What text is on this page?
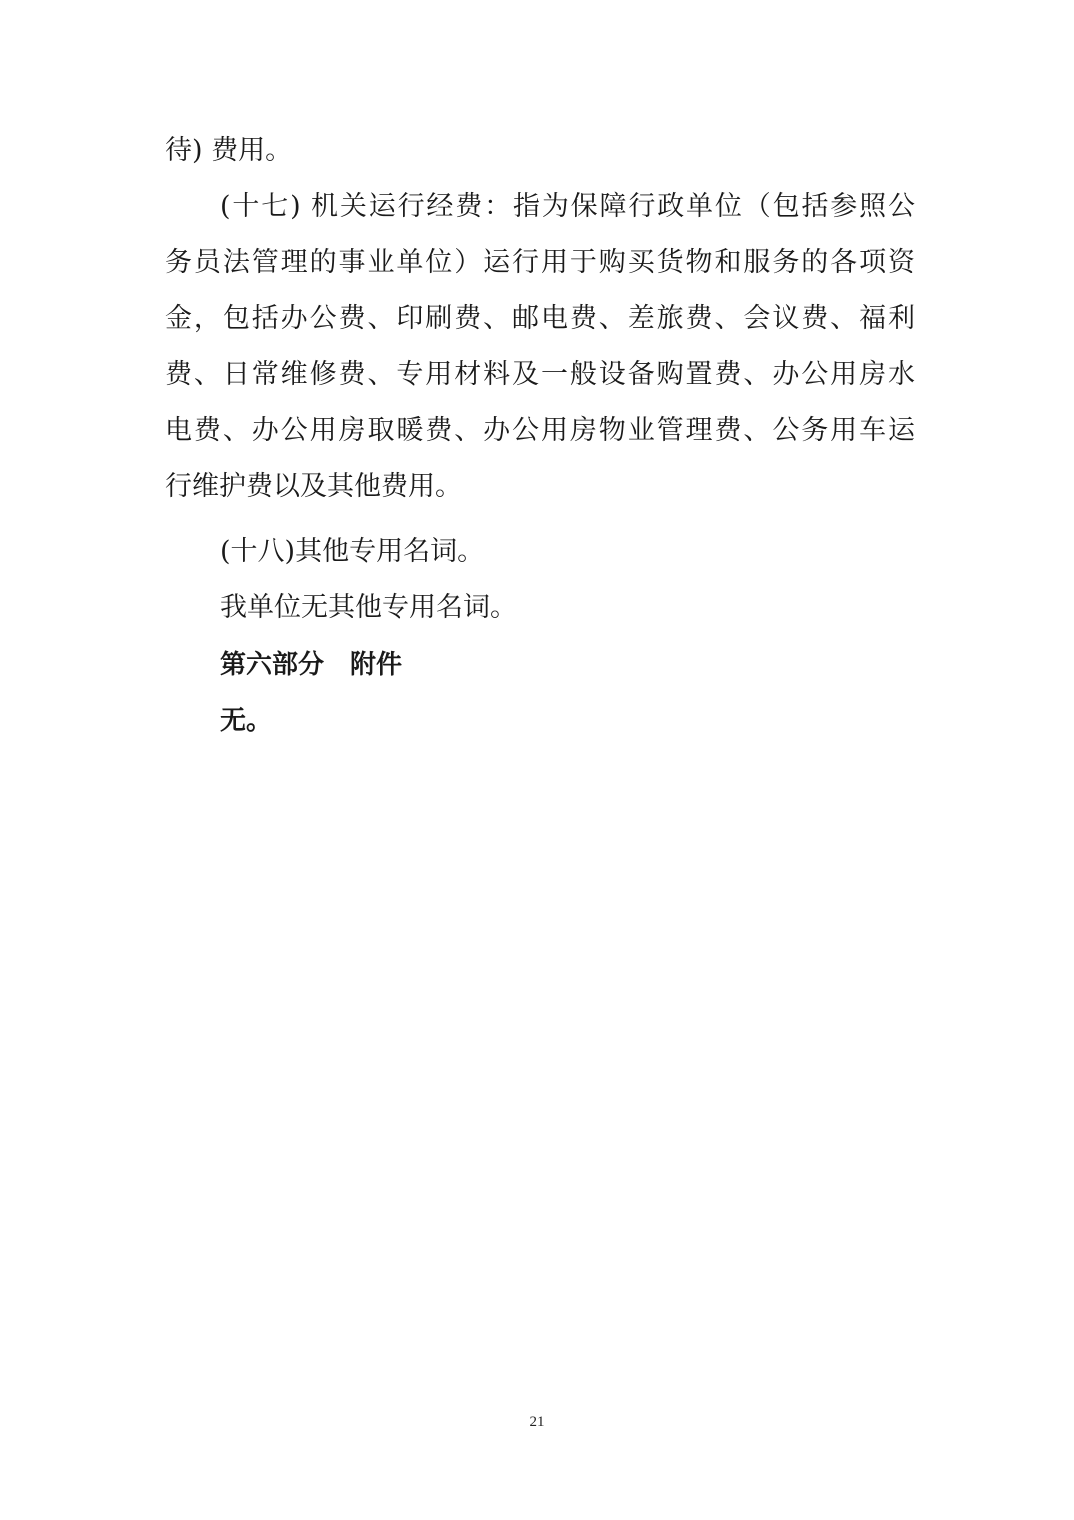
待) 费用。
(十七) 机关运行经费：指为保障行政单位（包括参照公
务员法管理的事业单位）运行用于购买货物和服务的各项资
金，包括办公费、印刷费、邮电费、差旅费、会议费、福利
费、日常维修费、专用材料及一般设备购置费、办公用房水
电费、办公用房取暖费、办公用房物业管理费、公务用车运
行维护费以及其他费用。
(十八)其他专用名词。
我单位无其他专用名词。
第六部分　附件
无。
21
